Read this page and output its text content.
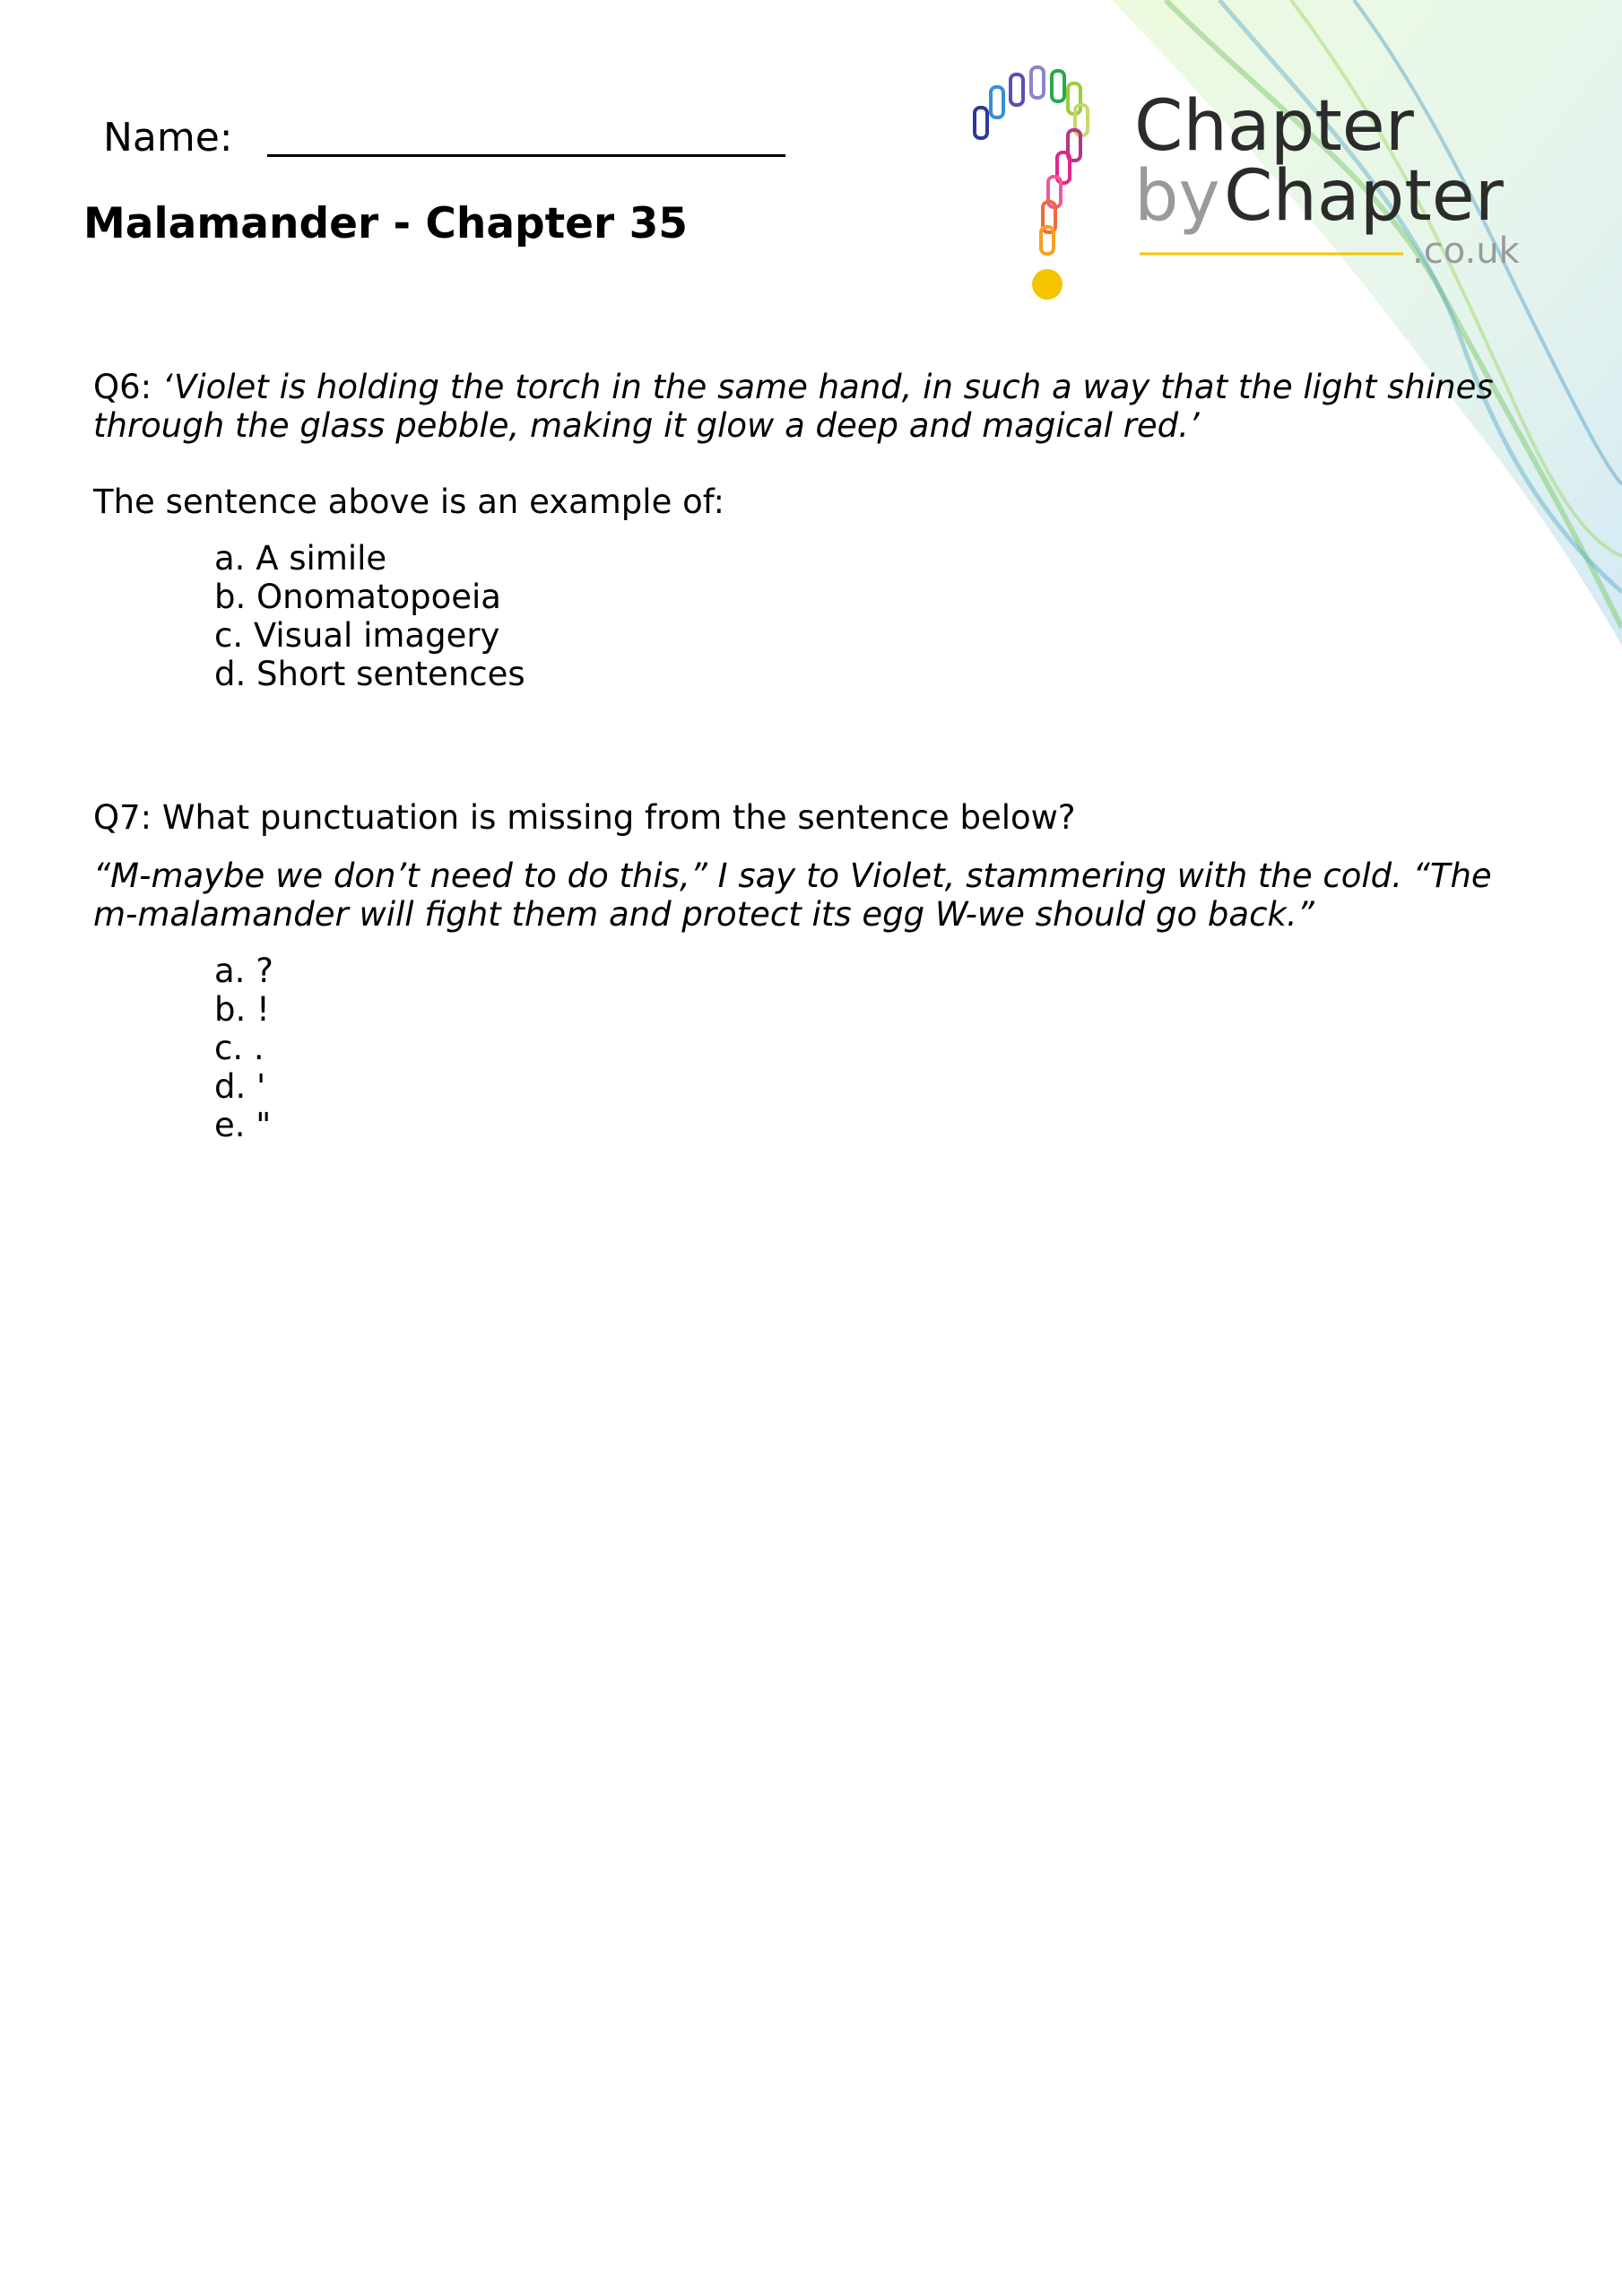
Chapter
by Chapter
.co.uk
Name:
Malamander - Chapter 35
Q6: ‘Violet is holding the torch in the same hand, in such a way that the light shines through the glass pebble, making it glow a deep and magical red.’
The sentence above is an example of:
a. A simile
b. Onomatopoeia
c. Visual imagery
d. Short sentences
Q7: What punctuation is missing from the sentence below?
“M-maybe we don’t need to do this,” I say to Violet, stammering with the cold. “The m-malamander will fight them and protect its egg W-we should go back.”
a. ?
b. !
c. .
d. '
e. "
